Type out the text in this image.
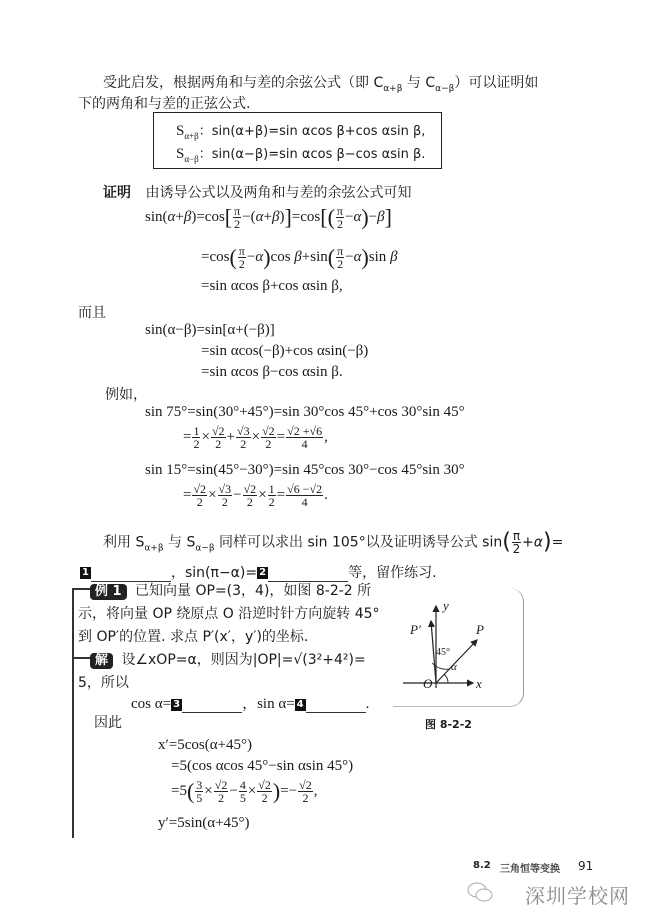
受此启发，根据两角和与差的余弦公式（即 $C_{\alpha+\beta}$ 与 $C_{\alpha-\beta}$）可以证明如
下的两角和与差的正弦公式.
$S_{\alpha+\beta}$：sin(α+β)=sin αcos β+cos αsin β,
$S_{\alpha-\beta}$：sin(α−β)=sin αcos β−cos αsin β.
证明 由诱导公式以及两角和与差的余弦公式可知
$\sin(\alpha+\beta)=\cos[ \frac{\pi}{2} -(\alpha+\beta)]=\cos[( \frac{\pi}{2} -\alpha)-\beta]$
$=\cos( \frac{\pi}{2} -\alpha)\cos$ $\beta+\sin( \frac{\pi}{2} -\alpha)\sin$ β
=sin αcos β+cos αsin β,
而且
sin(α−β)=sin[α+(−β)]
=sin αcos(−β)+cos αsin(−β)
=sin αcos β−cos αsin β.
例如，
sin 75°=sin(30°+45°)=sin 30°cos 45°+cos 30°sin 45°
= $\frac{1}{2} \times \frac{√2}{2} + \frac{√3}{2} \times \frac{√2}{2} = \frac{√2 +√6}{4}$ ,
sin 15°=sin(45°−30°)=sin 45°cos 30°−cos 45°sin 30°
= $\frac{√2}{2} \times \frac{√3}{2} - \frac{√2}{2} \times \frac{1}{2} = \frac{√6 -√2}{4}$ .
利用 $S_{\alpha+\beta}$ 与 $S_{\alpha-\beta}$ 同样可以求出 sin 105°以及证明诱导公式 $\sin( \frac{\pi}{2} +\alpha)=$
1	，sin(π−α)= 2	等，留作练习.
例 1 已知向量 OP=(3，4)，如图 8-2-2 所
示，将向量 OP 绕原点 O 沿逆时针方向旋转 45°
到 OP′的位置. 求点 P′(x′，y′)的坐标.
解 设∠xOP=α，则因为|OP|=√(3²+4²)=
5，所以
cos α= 3	，sin α= 4	.
因此
x′=5cos(α+45°)
=5(cos αcos 45°−sin αsin 45°)
$=5( \frac{3}{5} \times \frac{√2}{2} - \frac{4}{5} \times \frac{√2}{2}$ )=− $\frac{√2}{2}$ ,
y′=5sin(α+45°)
y
P′	P
45°
α
O	x
图 8-2-2
8.2 三角恒等变换 91
深圳学校网
